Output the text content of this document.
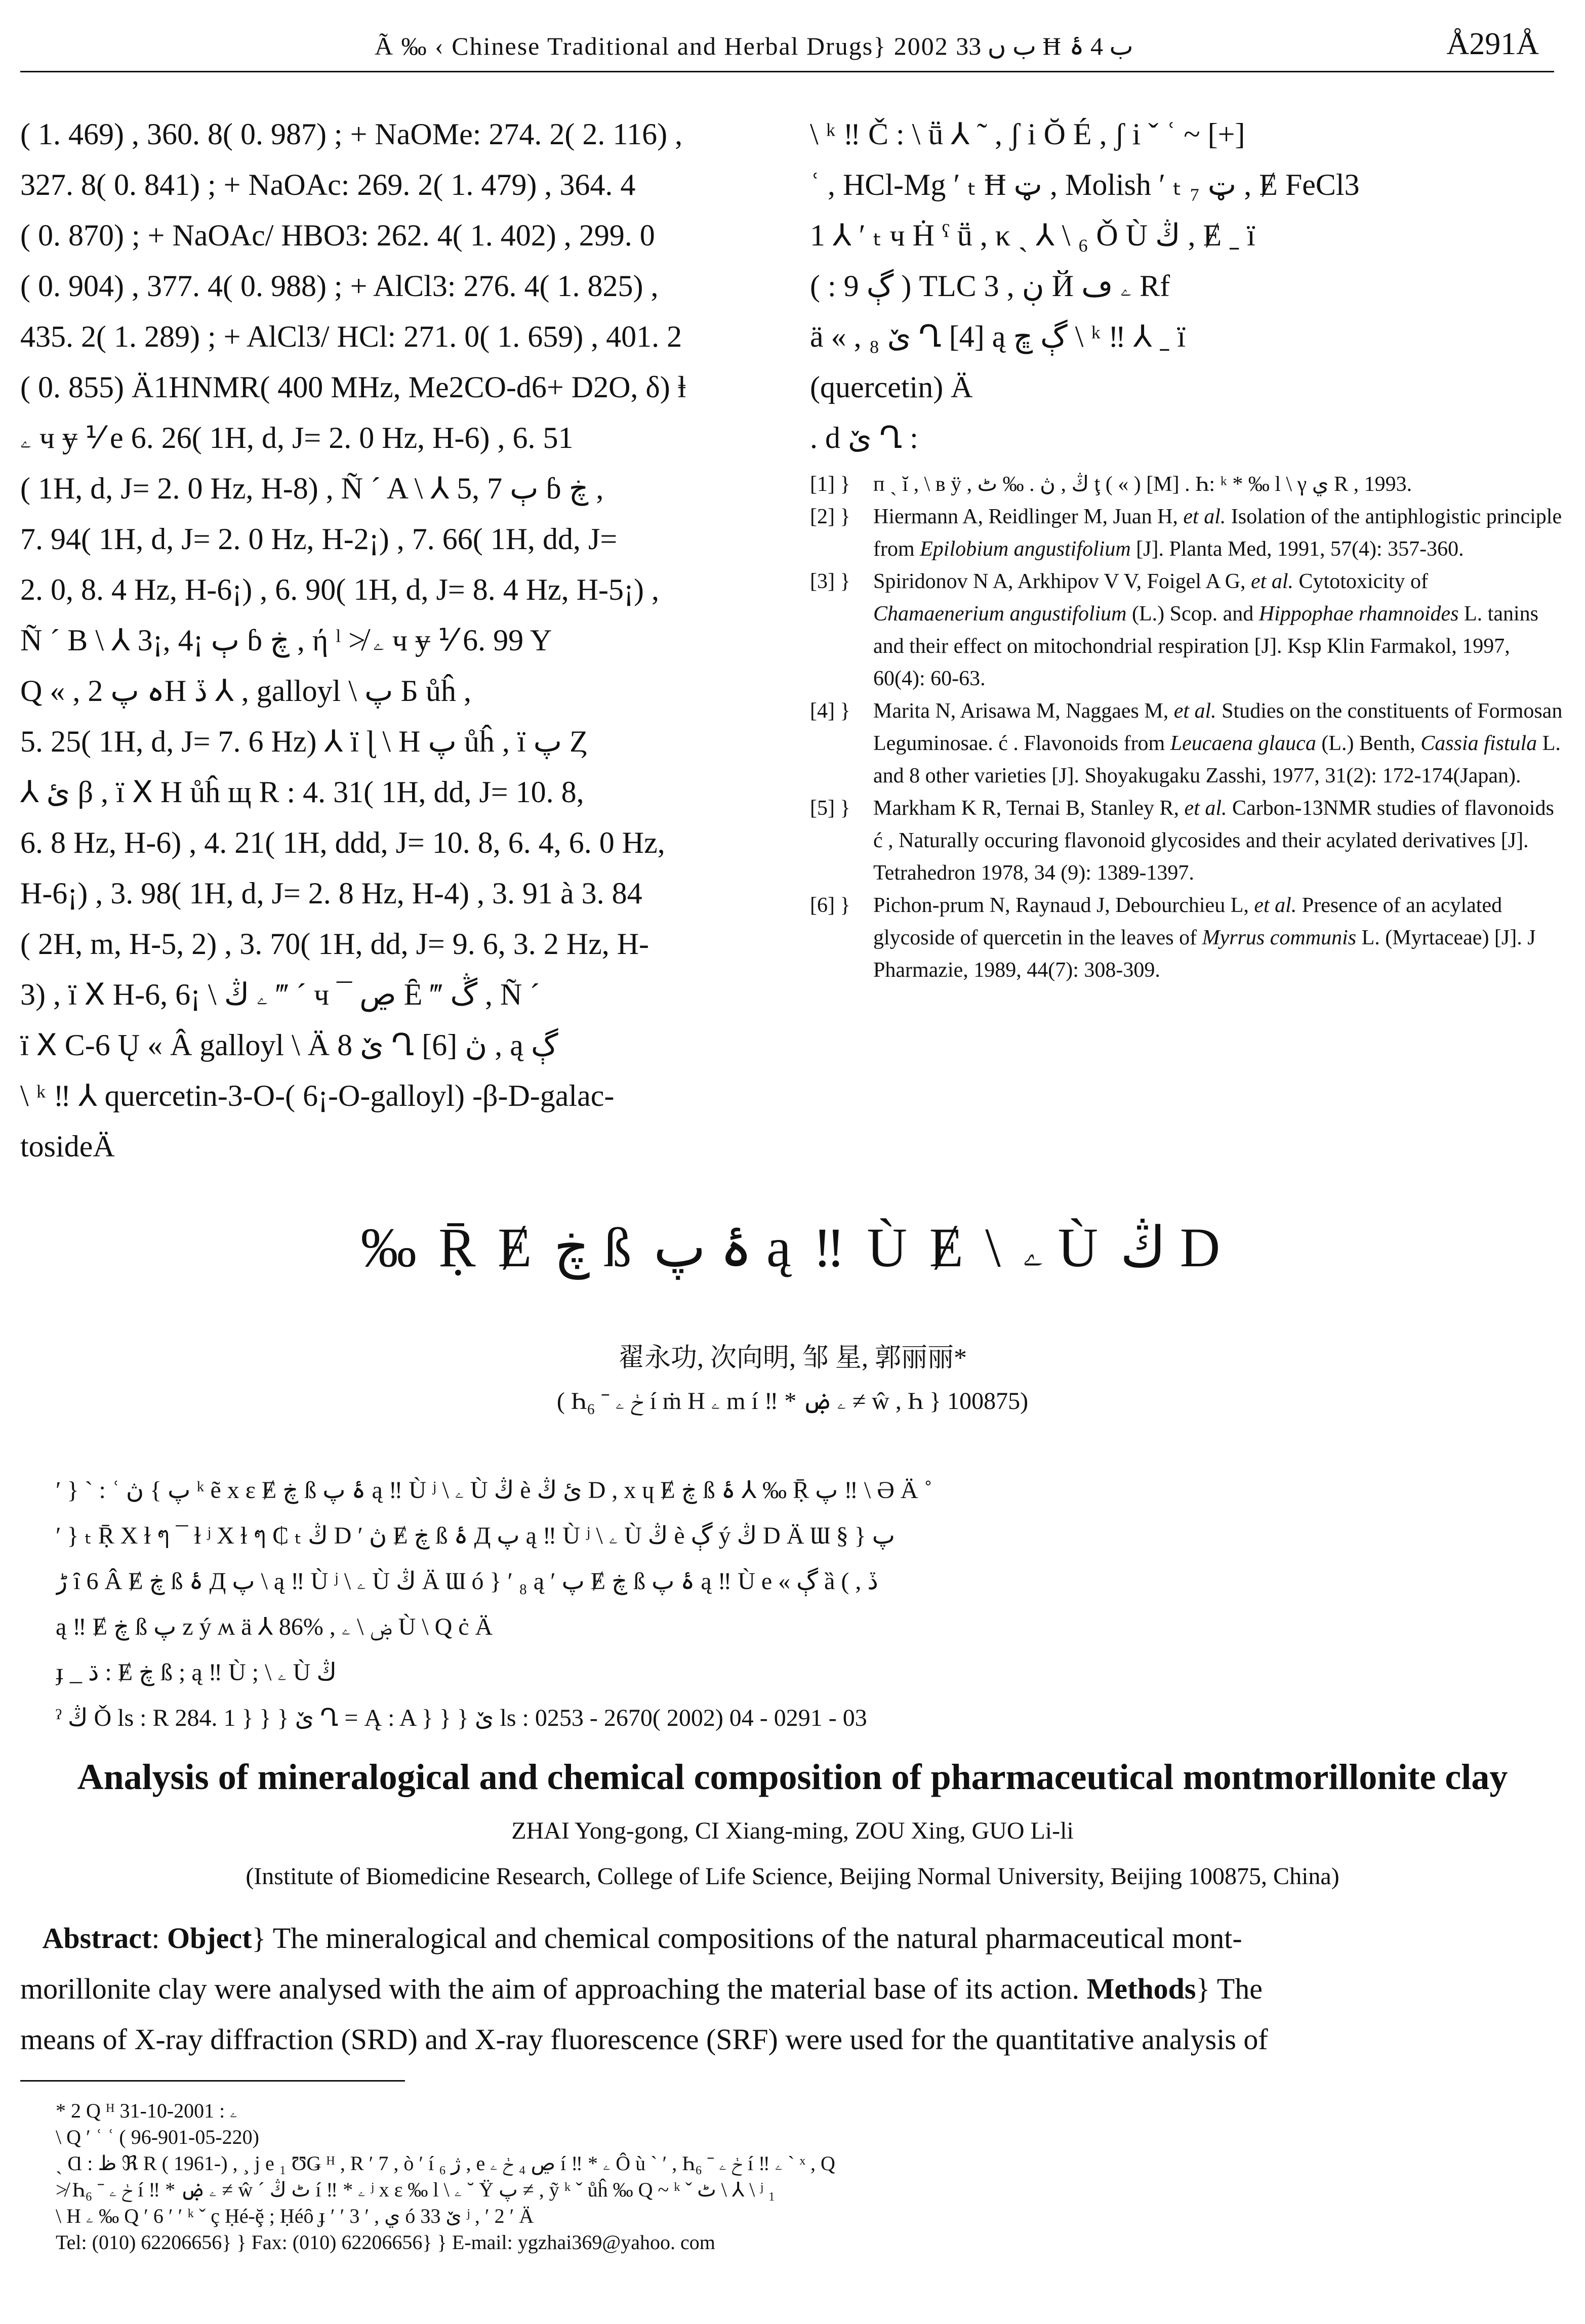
Ã ‰ ‹ Chinese Traditional and Herbal Drugs} 2002 ب ں 33 Ħ ب 4 ۂ	Å291Å

( 1. 469) , 360. 8( 0. 987) ; + NaOMe: 274. 2( 2. 116) ,

327. 8( 0. 841) ; + NaOAc: 269. 2( 1. 479) , 364. 4

( 0. 870) ; + NaOAc/ HBO3: 262. 4( 1. 402) , 299. 0

( 0. 904) , 377. 4( 0. 988) ; + AlCl3: 276. 4( 1. 825) ,

435. 2( 1. 289) ; + AlCl3/ HCl: 271. 0( 1. 659) , 401. 2

( 0. 855) Ä1HNMR( 400 MHz, Me2CO-d6+ D2O, δ) ⱡ

ۦ ч ɏ ⅟ e 6. 26( 1H, d, J= 2. 0 Hz, H-6) , 6. 51

( 1H, d, J= 2. 0 Hz, H-8) , Ñ ´ A \ ⅄ 5, 7 ٻ ɓ ڿ ,

7. 94( 1H, d, J= 2. 0 Hz, H-2¡) , 7. 66( 1H, dd, J=

2. 0, 8. 4 Hz, H-6¡) , 6. 90( 1H, d, J= 8. 4 Hz, H-5¡) ,

Ñ ´ B \ ⅄ 3¡, 4¡ ٻ ɓ ڿ , ή ˡ ≯ ۦ ч ɏ ⅟ 6. 99 Y

Q « , ہ پ 2H ڏ ⅄ , galloyl \ پ Б ůĥ ,

5. 25( 1H, d, J= 7. 6 Hz) ⅄ ï ɭ \ H پ ůĥ , ï پ Ȥ

⅄ ئ β , ï Ⅹ H ůĥ щ R : 4. 31( 1H, dd, J= 10. 8,

6. 8 Hz, H-6) , 4. 21( 1H, ddd, J= 10. 8, 6. 4, 6. 0 Hz,

H-6¡) , 3. 98( 1H, d, J= 2. 8 Hz, H-4) , 3. 91 à 3. 84

( 2H, m, H-5, 2) , 3. 70( 1H, dd, J= 9. 6, 3. 2 Hz, H-

3) , ï Ⅹ H-6, 6¡ \ ۦ ڭ ‴ ´ ч ¯ ڝ Ȇ ‴ ڴ , Ñ ´

ï Ⅹ C-6 Ų « Â galloyl \ Ä 8 ێ Ղ [6] ڽ , ą ڳ

\ ᵏ ‼ ⅄ quercetin-3-O-( 6¡-O-galloyl) -β-D-galac-

tosideÄ

\ ᵏ ‼ Č : \ ṻ ⅄ ˜ , ʃ i Ŏ É , ʃ i ˇ ʿ ~ [+]

ʿ , HCl-Mg ʹ ₜ Ħ ټ , Molish ʹ ₜ ₇ ټ , Ɇ FeCl3

1 ⅄ ʹ ₜ ч Ḣ ˁ ṻ , κ ˏ ⅄ \ ₆ Ǒ Ù ڭ , Ɇ ˍ ï

( : ڳ 9 ) TLC ڹ , 3 Й ۦ ڡ Rf

ä « , ₈ ێ Ղ [4] ą ڳ ڇ \ ᵏ ‼ ⅄ ˍ ï

(quercetin) Ä

. d ێ Ղ :

[1] } ᴨ ˏ ĭ , \ ʙ ÿ , ڭ , ڽ . ‰ ٹ ţ ( « ) [M] . Һ: ᵏ * ‰ l \ γ ي R , 1993.
[2] } Hiermann A, Reidlinger M, Juan H, et al. Isolation of the antiphlogistic principle from Epilobium angustifolium [J]. Planta Med, 1991, 57(4): 357-360.
[3] } Spiridonov N A, Arkhipov V V, Foigel A G, et al. Cytotoxicity of Chamaenerium angustifolium (L.) Scop. and Hippophae rhamnoides L. tanins and their effect on mitochondrial respiration [J]. Ksp Klin Farmakol, 1997, 60(4): 60-63.
[4] } Marita N, Arisawa M, Naggaes M, et al. Studies on the constituents of Formosan Leguminosae. ć . Flavonoids from Leucaena glauca (L.) Benth, Cassia fistula L. and 8 other varieties [J]. Shoyakugaku Zasshi, 1977, 31(2): 172-174(Japan).
[5] } Markham K R, Ternai B, Stanley R, et al. Carbon-13NMR studies of flavonoids ć , Naturally occuring flavonoid glycosides and their acylated derivatives [J]. Tetrahedron 1978, 34 (9): 1389-1397.
[6] } Pichon-prum N, Raynaud J, Debourchieu L, et al. Presence of an acylated glycoside of quercetin in the leaves of Myrrus communis L. (Myrtaceae) [J]. J Pharmazie, 1989, 44(7): 308-309.
‰ Ṝ Ɇ ڿ ß ۂ پ ą ‼ Ù Ɇ \ ۦ Ù ڭ D
翟永功, 次向明, 邹 星, 郭丽丽*
( Һ₆ ˉ ڂ ۦ í ṁ H ۦ m í ‼ * ۦ ۻ ≠ ŵ , Һ } 100875)

ʹ } ` : ʿ پ } ڽ ᵏ ẽ x ε Ɇ ڿ ß ۂ پ ą ‼ Ù ʲ \ ۦ Ù ڭ è ئ ڭ D , x ɥ Ɇ ڿ ß ۂ ⅄ ‰ Ṝ پ ‼ \ Ə Ä ˚

ʹ } ₜ Ṝ X ɫ ๆ ¯ ɫ ʲ X ɫ ๆ ₵ ₜ ڭ D ʹ ڽ Ɇ ڿ ß ۂ Д پ ą ‼ Ù ʲ \ ۦ Ù ڭ è ڳ ý ڭ D Ä Ɯ § } پ

ڑ ȋ 6 Â Ɇ ڿ ß ۂ Д پ \ ą ‼ Ù ʲ \ ۦ Ù ڭ Ä Ɯ ó } ʹ ₈ ą ʹ پ Ɇ ڿ ß ۂ پ ą ‼ Ù e « ڳ ȁ ( , ڏ

ą ‼ Ɇ ڿ ß پ z ý ʍ ä ⅄ 86% , ۻ \ ۦ Ù \ Q ċ Ä

ɟ _ ڌ : Ɇ ڿ ß ; ą ‼ Ù ; \ ۦ Ù ڭ

ˀ ڭ Ǒ ls : R 284. 1 } } } ێ Ղ = Ą : A } } } ێ ls : 0253 - 2670( 2002) 04 - 0291 - 03

Analysis of mineralogical and chemical composition of pharmaceutical montmorillonite clay
ZHAI Yong-gong, CI Xiang-ming, ZOU Xing, GUO Li-li
(Institute of Biomedicine Research, College of Life Science, Beijing Normal University, Beijing 100875, China)

Abstract: Object} The mineralogical and chemical compositions of the natural pharmaceutical mont-

morillonite clay were analysed with the aim of approaching the material base of its action. Methods} The

means of X-ray diffraction (SRD) and X-ray fluorescence (SRF) were used for the quantitative analysis of

* 2 Q ᴴ ۦ : 2001-10-31

\ Q ʹ ʿ ʿ ( 96-901-05-220)

ˏ Ɑ : ظ ℜ R ( 1961-) , ¸ j e ₁ ƱǤ ᴴ , R ʹ 7 , ò ʹ í ژ ₆ , e ڝ ₄ ڂ ۦ í ‼ * ۦ Ô ù ` ʹ , Һ₆ ˉ ڂ ۦ í ‼ ۦ ` ˣ , Q

≯ Һ₆ ˉ ڂ ۦ í ‼ * ۦ ۻ ≠ ŵ ˊ ٹ ڭ í ‼ * ۦ ʲ x ε ‰ l \ ۦ ˘ Ÿ پ ≠ , ỹ ᵏ ˇ ůĥ ‰ Q ~ ᵏ ˇ ٹ \ ⅄ \ ʲ ₁

\ H ۦ ‰ Q ʹ 6 ʹ ʹ ᵏ ˇ ç Ḥé-ḝ ; Ḥéȏ ɟ ʹ ʹ 3 ʹ , ي ó ێ 33 ʲ , ʹ 2 ʹ Ä

Tel: (010) 62206656} } Fax: (010) 62206656} } E-mail: ygzhai369@yahoo. com
